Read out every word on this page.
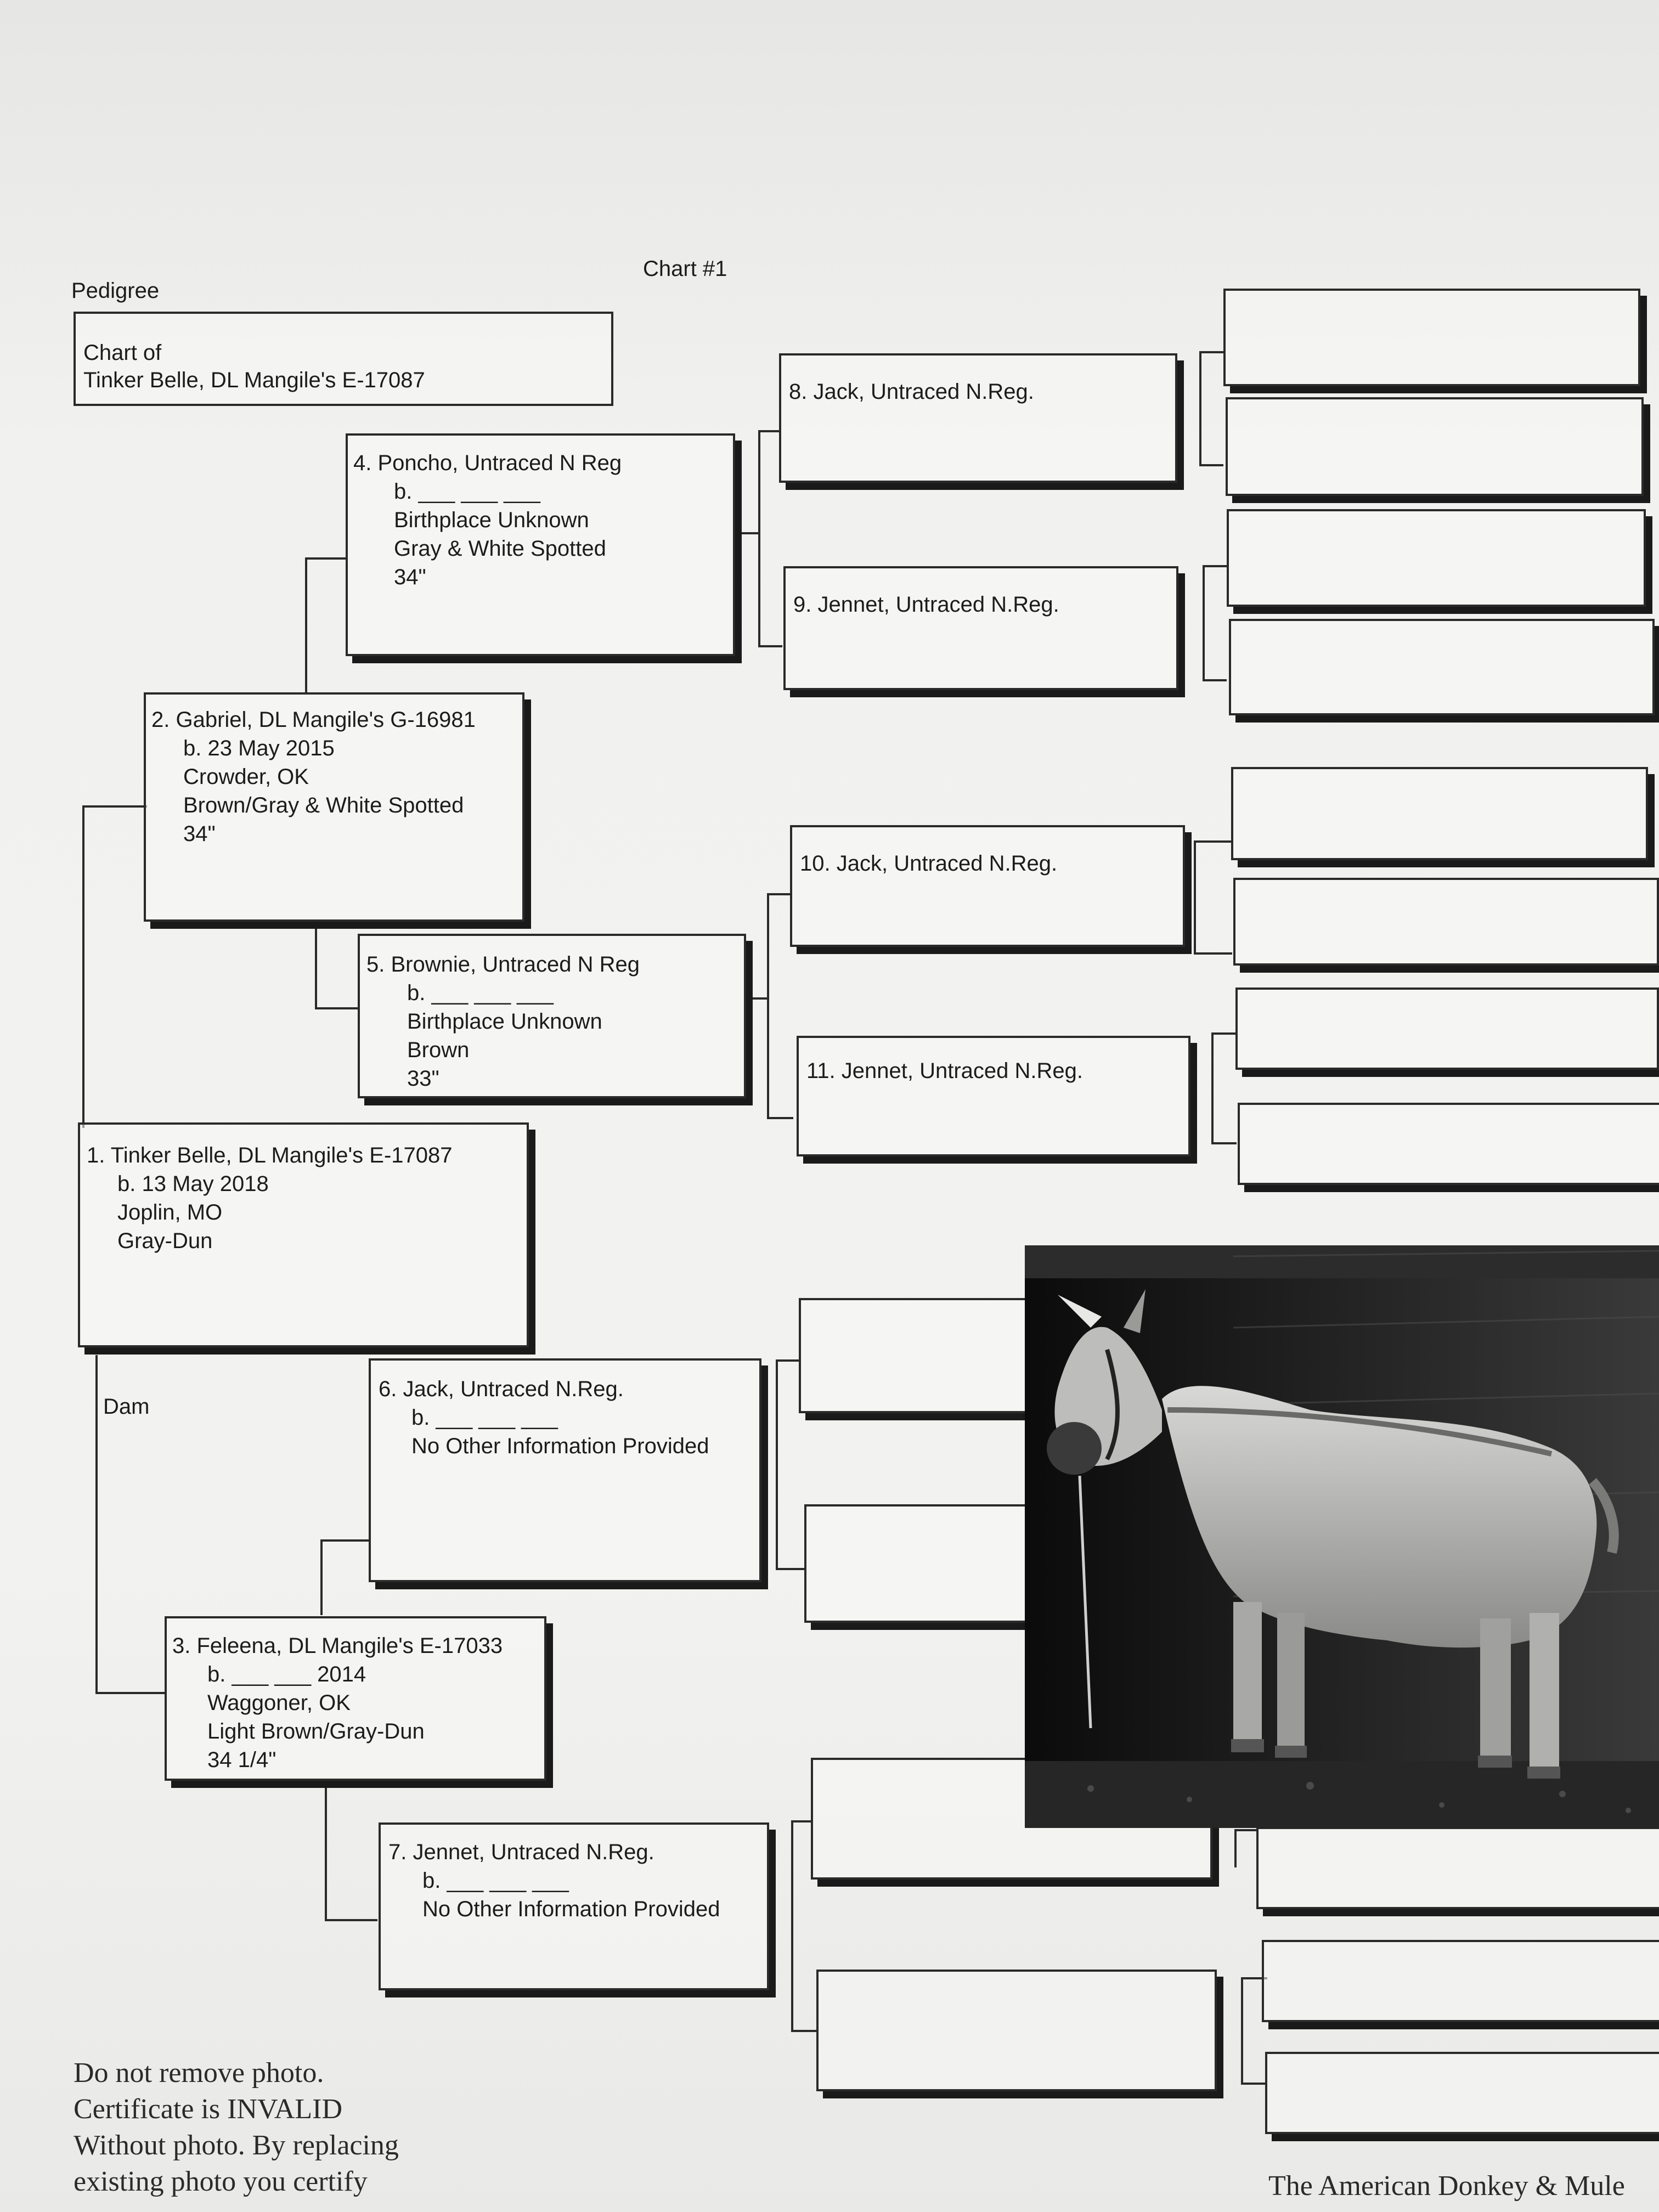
Pedigree
Chart #1
Chart of
Tinker Belle, DL Mangile's E-17087
1. Tinker Belle, DL Mangile's E-17087
b. 13 May 2018
Joplin, MO
Gray-Dun
Dam
2. Gabriel, DL Mangile's G-16981
b. 23 May 2015
Crowder, OK
Brown/Gray & White Spotted
34"
3. Feleena, DL Mangile's E-17033
b. ___ ___ 2014
Waggoner, OK
Light Brown/Gray-Dun
34 1/4"
4. Poncho, Untraced N Reg
b. ___ ___ ___
Birthplace Unknown
Gray & White Spotted
34"
5. Brownie, Untraced N Reg
b. ___ ___ ___
Birthplace Unknown
Brown
33"
6. Jack, Untraced N.Reg.
b. ___ ___ ___
No Other Information Provided
7. Jennet, Untraced N.Reg.
b. ___ ___ ___
No Other Information Provided
8. Jack, Untraced N.Reg.
9. Jennet, Untraced N.Reg.
10. Jack, Untraced N.Reg.
11. Jennet, Untraced N.Reg.
Do not remove photo.
Certificate is INVALID
Without photo. By replacing
existing photo you certify	The American Donkey & Mule
